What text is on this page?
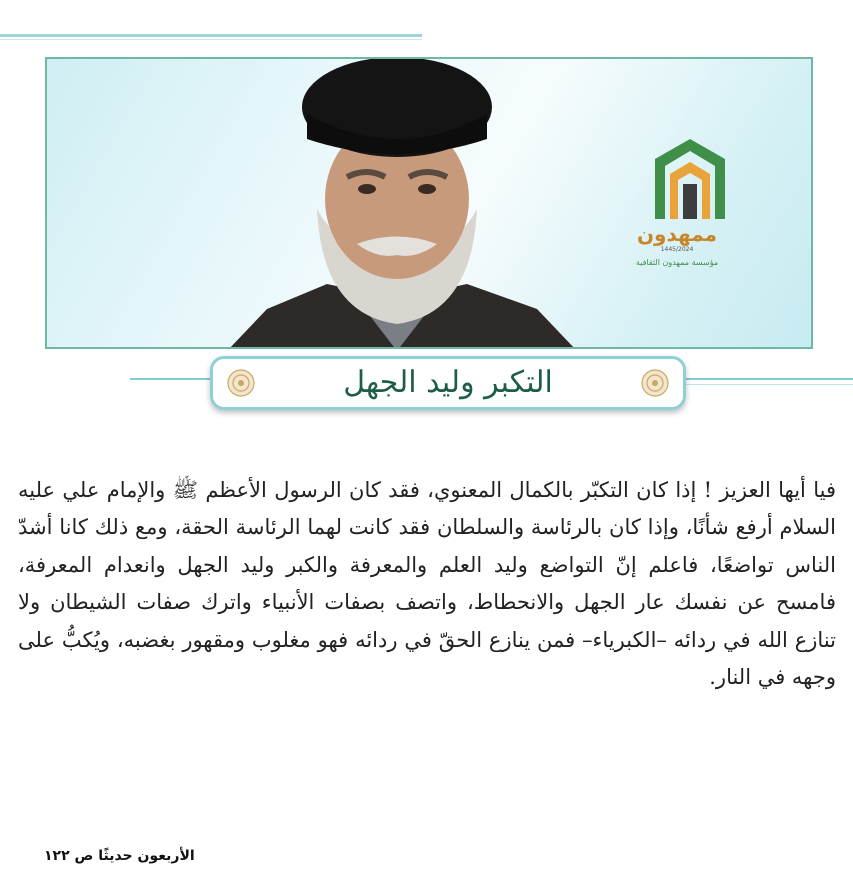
ممهدون
1445/2024
مؤسسة ممهدون الثقافية
التكبر وليد الجهل

فيا أيها العزيز ! إذا كان التكبّر بالكمال المعنوي، فقد كان الرسول الأعظم ﷺ والإمام علي عليه السلام أرفع شأنًا، وإذا كان بالرئاسة والسلطان فقد كانت لهما الرئاسة الحقة، ومع ذلك كانا أشدّ الناس تواضعًا، فاعلم إنّ التواضع وليد العلم والمعرفة والكبر وليد الجهل وانعدام المعرفة، فامسح عن نفسك عار الجهل والانحطاط، واتصف بصفات الأنبياء واترك صفات الشيطان ولا تنازع الله في ردائه –الكبرياء– فمن ينازع الحقّ في ردائه فهو مغلوب ومقهور بغضبه، ويُكبُّ على وجهه في النار.

الأربعون حديثًا ص ١٢٢
